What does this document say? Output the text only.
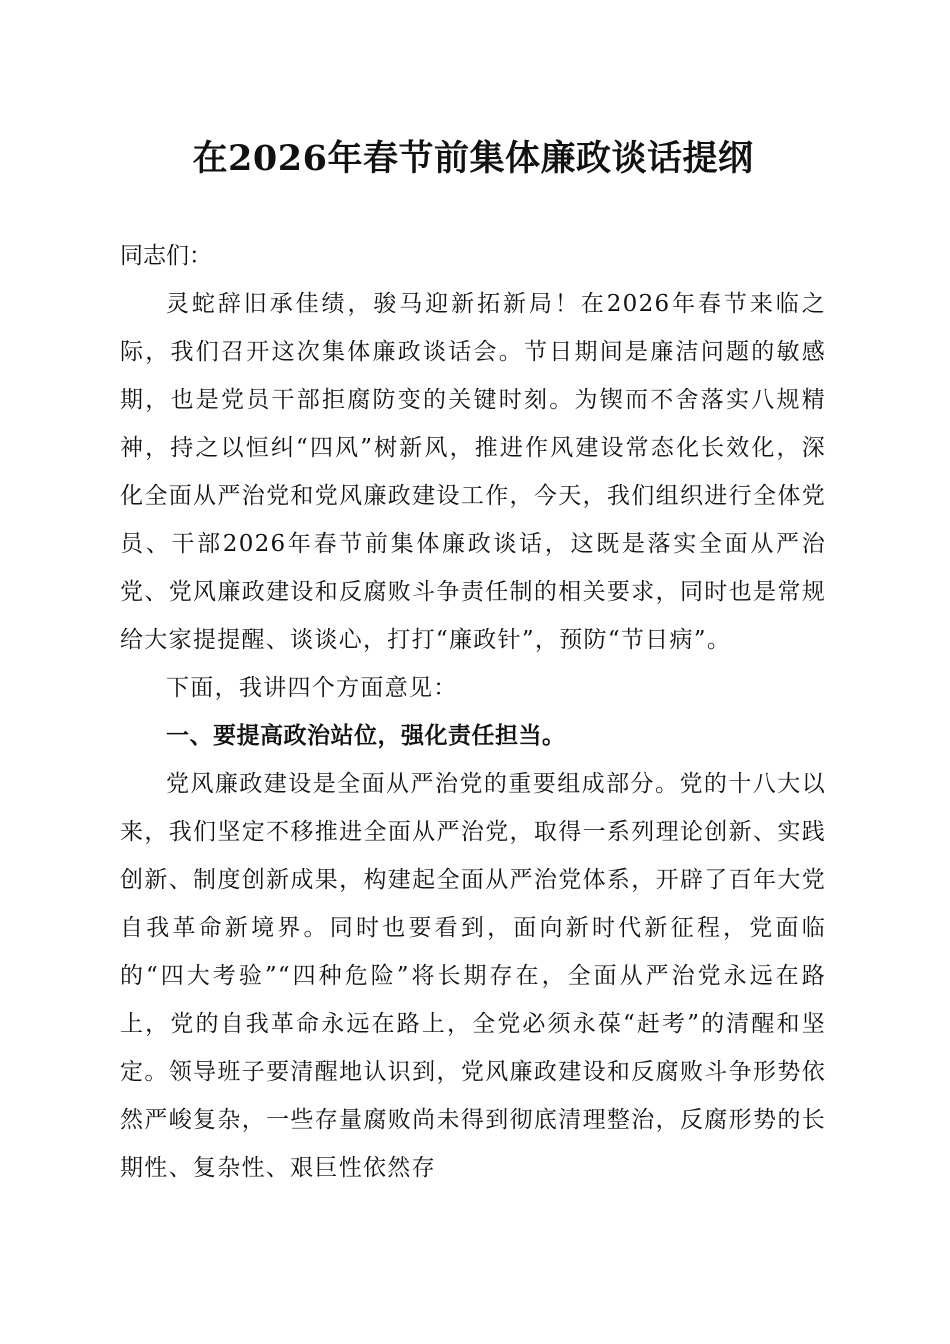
在2026年春节前集体廉政谈话提纲

同志们：

灵蛇辞旧承佳绩，骏马迎新拓新局！在2026年春节来临之际，我们召开这次集体廉政谈话会。节日期间是廉洁问题的敏感期，也是党员干部拒腐防变的关键时刻。为锲而不舍落实八规精神，持之以恒纠“四风”树新风，推进作风建设常态化长效化，深化全面从严治党和党风廉政建设工作，今天，我们组织进行全体党员、干部2026年春节前集体廉政谈话，这既是落实全面从严治党、党风廉政建设和反腐败斗争责任制的相关要求，同时也是常规给大家提提醒、谈谈心，打打“廉政针”，预防“节日病”。

下面，我讲四个方面意见：

一、要提高政治站位，强化责任担当。

党风廉政建设是全面从严治党的重要组成部分。党的十八大以来，我们坚定不移推进全面从严治党，取得一系列理论创新、实践创新、制度创新成果，构建起全面从严治党体系，开辟了百年大党自我革命新境界。同时也要看到，面向新时代新征程，党面临的“四大考验”“四种危险”将长期存在，全面从严治党永远在路上，党的自我革命永远在路上，全党必须永葆“赶考”的清醒和坚定。领导班子要清醒地认识到，党风廉政建设和反腐败斗争形势依然严峻复杂，一些存量腐败尚未得到彻底清理整治，反腐形势的长期性、复杂性、艰巨性依然存
